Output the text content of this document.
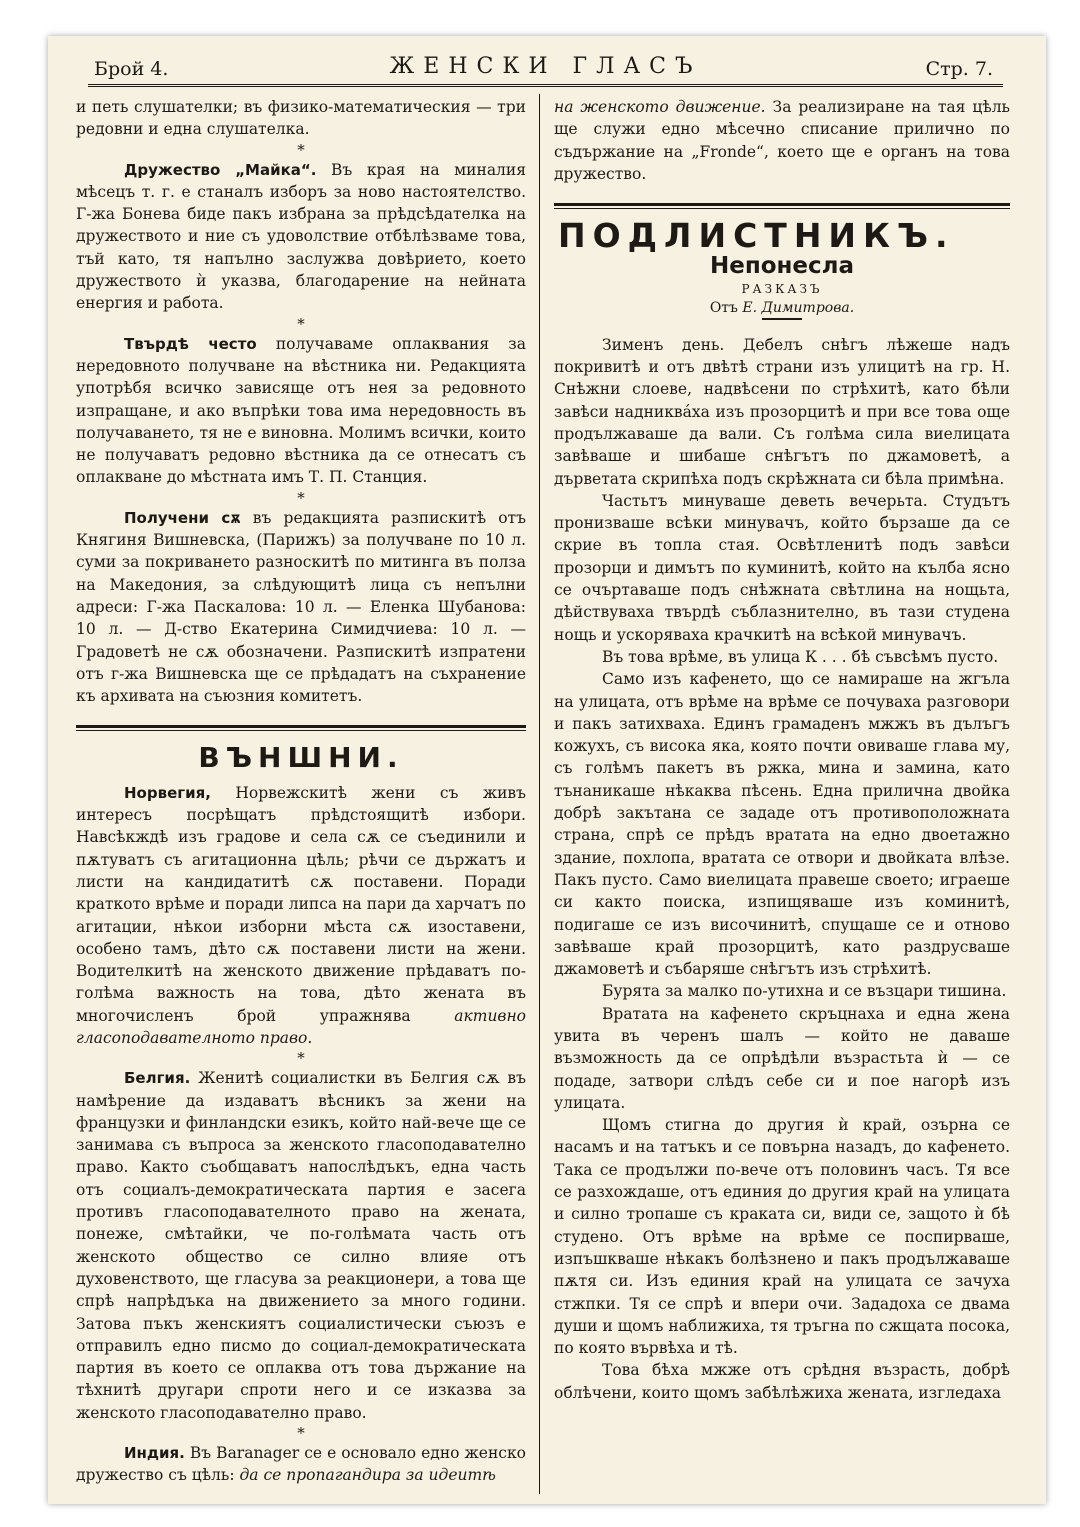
Брой 4.	ЖЕНСКИ ГЛАСЪ	Стр. 7.

и петь слушателки; въ физико-математическия — три редовни и една слушателка.

*

Дружество „Майка“. Въ края на миналия мѣсецъ т. г. е станалъ изборъ за ново настоятелство. Г-жа Бонева биде пакъ избрана за прѣдсѣдателка на дружеството и ние съ удоволствие отбѣлѣзваме това, тъй като, тя напълно заслужва довѣрието, което дружеството ѝ указва, благодарение на нейната енергия и работа.

*

Твърдѣ често получаваме оплаквания за нередовното получване на вѣстника ни. Редакцията употрѣбя всичко зависяще отъ нея за редовното изпращане, и ако въпрѣки това има нередовность въ получаването, тя не е виновна. Молимъ всички, които не получаватъ редовно вѣстника да се отнесатъ съ оплакване до мѣстната имъ Т. П. Станция.

*

Получени сѫ въ редакцията разпискитѣ отъ Княгиня Вишневска, (Парижъ) за получване по 10 л. суми за покриването разноскитѣ по митинга въ полза на Македония, за слѣдующитѣ лица съ непълни адреси: Г-жа Паскалова: 10 л. — Еленка Шубанова: 10 л. — Д-ство Екатерина Симидчиева: 10 л. — Градоветѣ не сѫ обозначени. Разпискитѣ изпратени отъ г-жа Вишневска ще се прѣдадатъ на съхранение къ архивата на съюзния комитетъ.

ВЪНШНИ.

Норвегия, Норвежскитѣ жени съ живъ интересъ посрѣщатъ прѣдстоящитѣ избори. Навсѣкждѣ изъ градове и села сѫ се съединили и пѫтуватъ съ агитационна цѣль; рѣчи се държатъ и листи на кандидатитѣ сѫ поставени. Поради краткото врѣме и поради липса на пари да харчатъ по агитации, нѣкои изборни мѣста сѫ изоставени, особено тамъ, дѣто сѫ поставени листи на жени. Водителкитѣ на женското движение прѣдаватъ по-голѣма важность на това, дѣто жената въ многочисленъ брой упражнява активно гласоподавателното право.

*

Белгия. Женитѣ социалистки въ Белгия сѫ въ намѣрение да издаватъ вѣсникъ за жени на французки и финландски езикъ, който най-вече ще се занимава съ въпроса за женското гласоподавателно право. Както съобщаватъ напослѣдъкъ, една часть отъ социалъ-демократическата партия е засега противъ гласоподавателното право на жената, понеже, смѣтайки, че по-голѣмата часть отъ женското общество се силно влияе отъ духовенството, ще гласува за реакционери, а това ще спрѣ напрѣдъка на движението за много години. Затова пъкъ женскиятъ социалистически съюзъ е отправилъ едно писмо до социал-демократическата партия въ което се оплаква отъ това държание на тѣхнитѣ другари спроти него и се изказва за женското гласоподавателно право.

*

Индия. Въ Baranager се е основало едно женско дружество съ цѣль: да се пропагандира за идеитѣ

на женското движение. За реализиране на тая цѣль ще служи едно мѣсечно списание прилично по съдържание на „Fronde“, което ще е органъ на това дружество.

ПОДЛИСТНИКЪ.
Непонесла

РАЗКАЗЪ

Отъ Е. Димитрова.

Зименъ день. Дебелъ снѣгъ лѣжеше надъ покривитѣ и отъ двѣтѣ страни изъ улицитѣ на гр. Н. Снѣжни слоеве, надвѣсени по стрѣхитѣ, като бѣли завѣси надниквáха изъ прозорцитѣ и при все това още продължаваше да вали. Съ голѣма сила виелицата завѣваше и шибаше снѣгътъ по джамоветѣ, а дърветата скрипѣха подъ скрѣжната си бѣла примѣна.

Частьтъ минуваше деветь вечерьта. Студътъ пронизваше всѣки минувачъ, който бързаше да се скрие въ топла стая. Освѣтленитѣ подъ завѣси прозорци и димътъ по куминитѣ, който на кълба ясно се очъртаваше подъ снѣжната свѣтлина на нощьта, дѣйствуваха твърдѣ съблазнително, въ тази студена нощь и ускоряваха крачкитѣ на всѣкой минувачъ.

Въ това врѣме, въ улица К . . . бѣ съвсѣмъ пусто.

Само изъ кафенето, що се намираше на жгъла на улицата, отъ врѣме на врѣме се почуваха разговори и пакъ затихваха. Единъ грамаденъ мжжъ въ дълъгъ кожухъ, съ висока яка, която почти овиваше глава му, съ голѣмъ пакетъ въ ржка, мина и замина, като тънаникаше нѣкаква пѣсень. Една прилична двойка добрѣ закътана се зададе отъ противоположната страна, спрѣ се прѣдъ вратата на едно двоетажно здание, похлопа, вратата се отвори и двойката влѣзе. Пакъ пусто. Само виелицата правеше своето; играеше си както поиска, изпищяваше изъ коминитѣ, подигаше се изъ височинитѣ, спущаше се и отново завѣваше край прозорцитѣ, като раздрусваше джамоветѣ и събаряше снѣгътъ изъ стрѣхитѣ.

Бурята за малко по-утихна и се възцари тишина.

Вратата на кафенето скръцнаха и една жена увита въ черенъ шалъ — който не даваше възможность да се опрѣдѣли възрастьта ѝ — се подаде, затвори слѣдъ себе си и пое нагорѣ изъ улицата.

Щомъ стигна до другия ѝ край, озърна се насамъ и на татъкъ и се повърна назадъ, до кафенето. Така се продължи по-вече отъ половинъ часъ. Тя все се разхождаше, отъ единия до другия край на улицата и силно тропаше съ краката си, види се, защото ѝ бѣ студено. Отъ врѣме на врѣме се поспирваше, изпъшкваше нѣкакъ болѣзнено и пакъ продължаваше пѫтя си. Изъ единия край на улицата се зачуха стжпки. Тя се спрѣ и впери очи. Зададоха се двама души и щомъ наближиха, тя тръгна по сжщата посока, по която вървѣха и тѣ.

Това бѣха мжже отъ срѣдня възрасть, добрѣ облѣчени, които щомъ забѣлѣжиха жената, изгледаха
